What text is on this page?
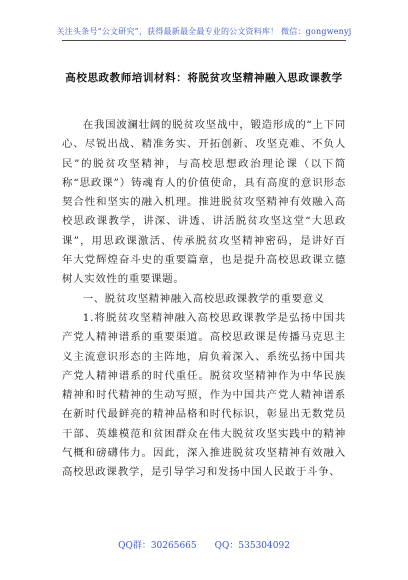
关注头条号“公文研究”，获得最新最全最专业的公文资料库！ 微信：gongwenyj
高校思政教师培训材料：将脱贫攻坚精神融入思政课教学

在我国波澜壮阔的脱贫攻坚战中，锻造形成的“上下同心、尽锐出战、精准务实、开拓创新、攻坚克难、不负人民”的脱贫攻坚精神，与高校思想政治理论课（以下简称“思政课”）铸魂育人的价值使命，具有高度的意识形态契合性和坚实的融入机理。推进脱贫攻坚精神有效融入高校思政课教学，讲深、讲透、讲活脱贫攻坚这堂“大思政课”，用思政课激活、传承脱贫攻坚精神密码，是讲好百年大党辉煌奋斗史的重要篇章，也是提升高校思政课立德树人实效性的重要课题。

一、脱贫攻坚精神融入高校思政课教学的重要意义

1.将脱贫攻坚精神融入高校思政课教学是弘扬中国共产党人精神谱系的重要渠道。高校思政课是传播马克思主义主流意识形态的主阵地，肩负着深入、系统弘扬中国共产党人精神谱系的时代重任。脱贫攻坚精神作为中华民族精神和时代精神的生动写照，作为中国共产党人精神谱系在新时代最鲜亮的精神品格和时代标识，彰显出无数党员干部、英雄模范和贫困群众在伟大脱贫攻坚实践中的精神气概和磅礴伟力。因此，深入推进脱贫攻坚精神有效融入高校思政课教学，是引导学习和发扬中国人民敢于斗争、

QQ群：30265665 QQ：535304092
